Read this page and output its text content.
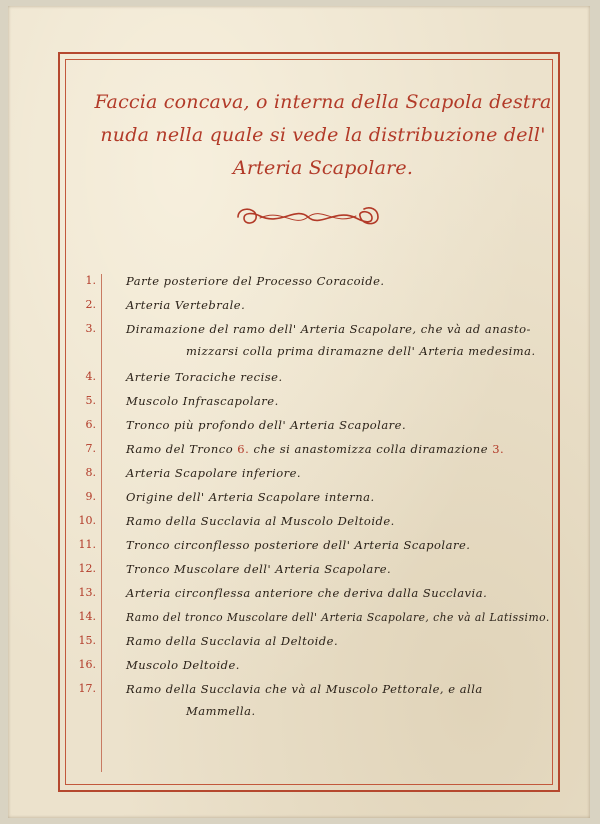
Faccia concava, o interna della Scapola destra nuda nella quale si vede la distribuzione dell' Arteria Scapolare.
1.	Parte posteriore del Processo Coracoide.
2.	Arteria Vertebrale.
3.	Diramazione del ramo dell' Arteria Scapolare, che và ad anasto-
mizzarsi colla prima diramazne dell' Arteria medesima.
4.	Arterie Toraciche recise.
5.	Muscolo Infrascapolare.
6.	Tronco più profondo dell' Arteria Scapolare.
7.	Ramo del Tronco 6. che si anastomizza colla diramazione 3.
8.	Arteria Scapolare inferiore.
9.	Origine dell' Arteria Scapolare interna.
10.	Ramo della Succlavia al Muscolo Deltoide.
11.	Tronco circonflesso posteriore dell' Arteria Scapolare.
12.	Tronco Muscolare dell' Arteria Scapolare.
13.	Arteria circonflessa anteriore che deriva dalla Succlavia.
14.	Ramo del tronco Muscolare dell' Arteria Scapolare, che và al Latissimo.
15.	Ramo della Succlavia al Deltoide.
16.	Muscolo Deltoide.
17.	Ramo della Succlavia che và al Muscolo Pettorale, e alla
Mammella.
